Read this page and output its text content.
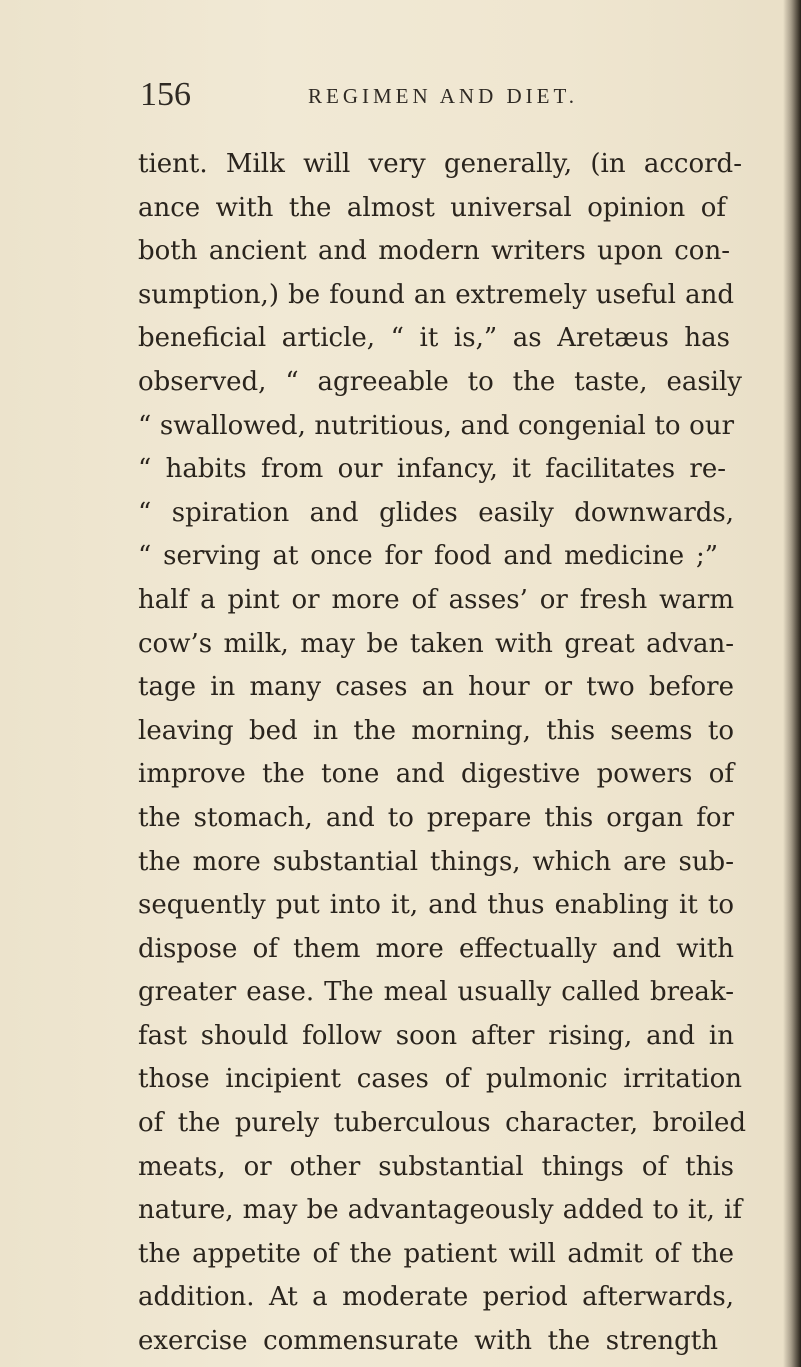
156	REGIMEN AND DIET.
tient. Milk will very generally, (in accord-
ance with the almost universal opinion of
both ancient and modern writers upon con-
sumption,) be found an extremely useful and
beneficial article, “ it is,” as Aretæus has
observed, “ agreeable to the taste, easily
“ swallowed, nutritious, and congenial to our
“ habits from our infancy, it facilitates re-
“ spiration and glides easily downwards,
“ serving at once for food and medicine ;”
half a pint or more of asses’ or fresh warm
cow’s milk, may be taken with great advan-
tage in many cases an hour or two before
leaving bed in the morning, this seems to
improve the tone and digestive powers of
the stomach, and to prepare this organ for
the more substantial things, which are sub-
sequently put into it, and thus enabling it to
dispose of them more effectually and with
greater ease. The meal usually called break-
fast should follow soon after rising, and in
those incipient cases of pulmonic irritation
of the purely tuberculous character, broiled
meats, or other substantial things of this
nature, may be advantageously added to it, if
the appetite of the patient will admit of the
addition. At a moderate period afterwards,
exercise commensurate with the strength
